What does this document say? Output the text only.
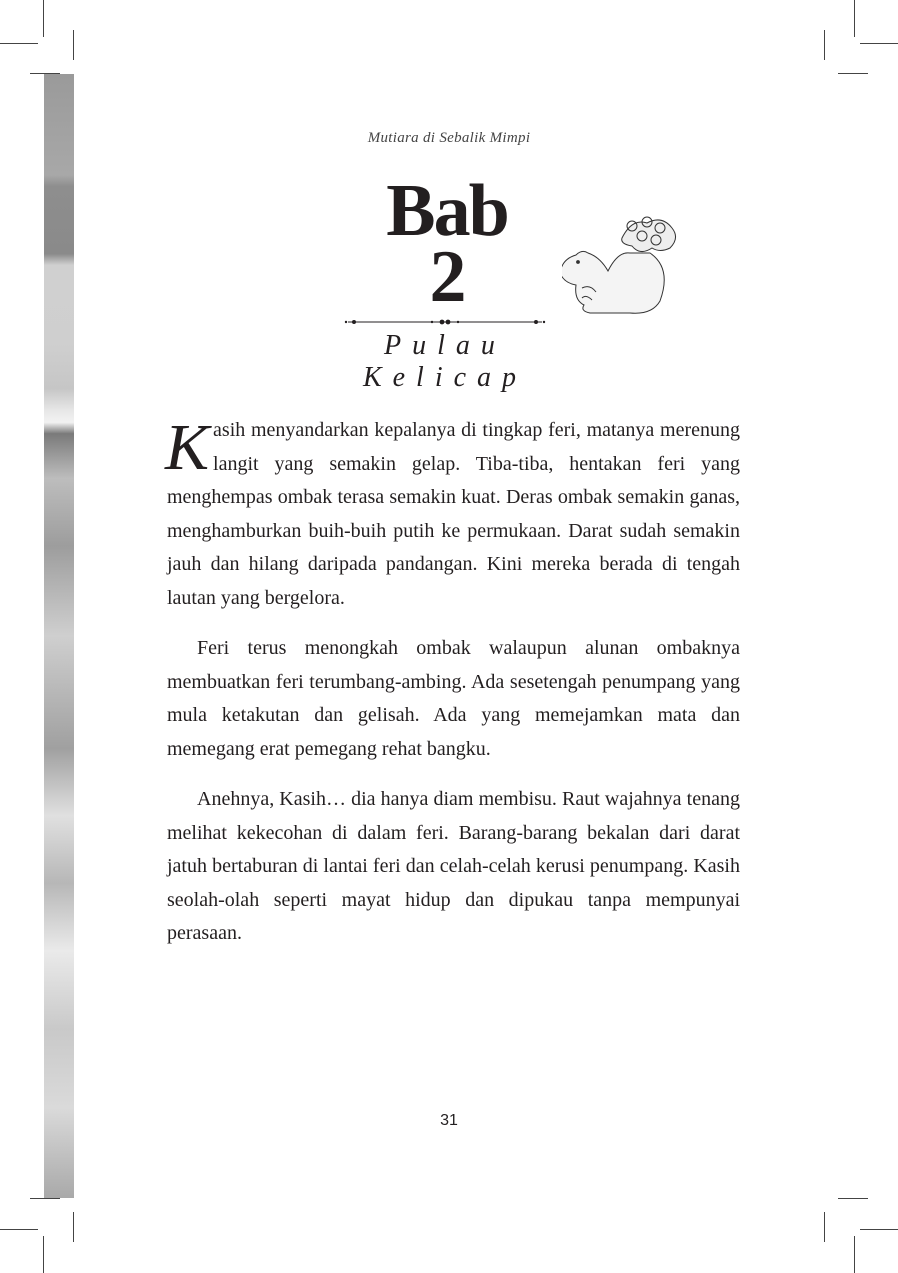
Mutiara di Sebalik Mimpi
Bab
2
Pulau Kelicap

Kasih menyandarkan kepalanya di tingkap feri, matanya merenung langit yang semakin gelap. Tiba-tiba, hentakan feri yang menghempas ombak terasa semakin kuat. Deras ombak semakin ganas, menghamburkan buih-buih putih ke permukaan. Darat sudah semakin jauh dan hilang daripada pandangan. Kini mereka berada di tengah lautan yang bergelora.

Feri terus menongkah ombak walaupun alunan ombaknya membuatkan feri terumbang-ambing. Ada sesetengah penumpang yang mula ketakutan dan gelisah. Ada yang memejamkan mata dan memegang erat pemegang rehat bangku.

Anehnya, Kasih… dia hanya diam membisu. Raut wajahnya tenang melihat kekecohan di dalam feri. Barang-barang bekalan dari darat jatuh bertaburan di lantai feri dan celah-celah kerusi penumpang. Kasih seolah-olah seperti mayat hidup dan dipukau tanpa mempunyai perasaan.

31
